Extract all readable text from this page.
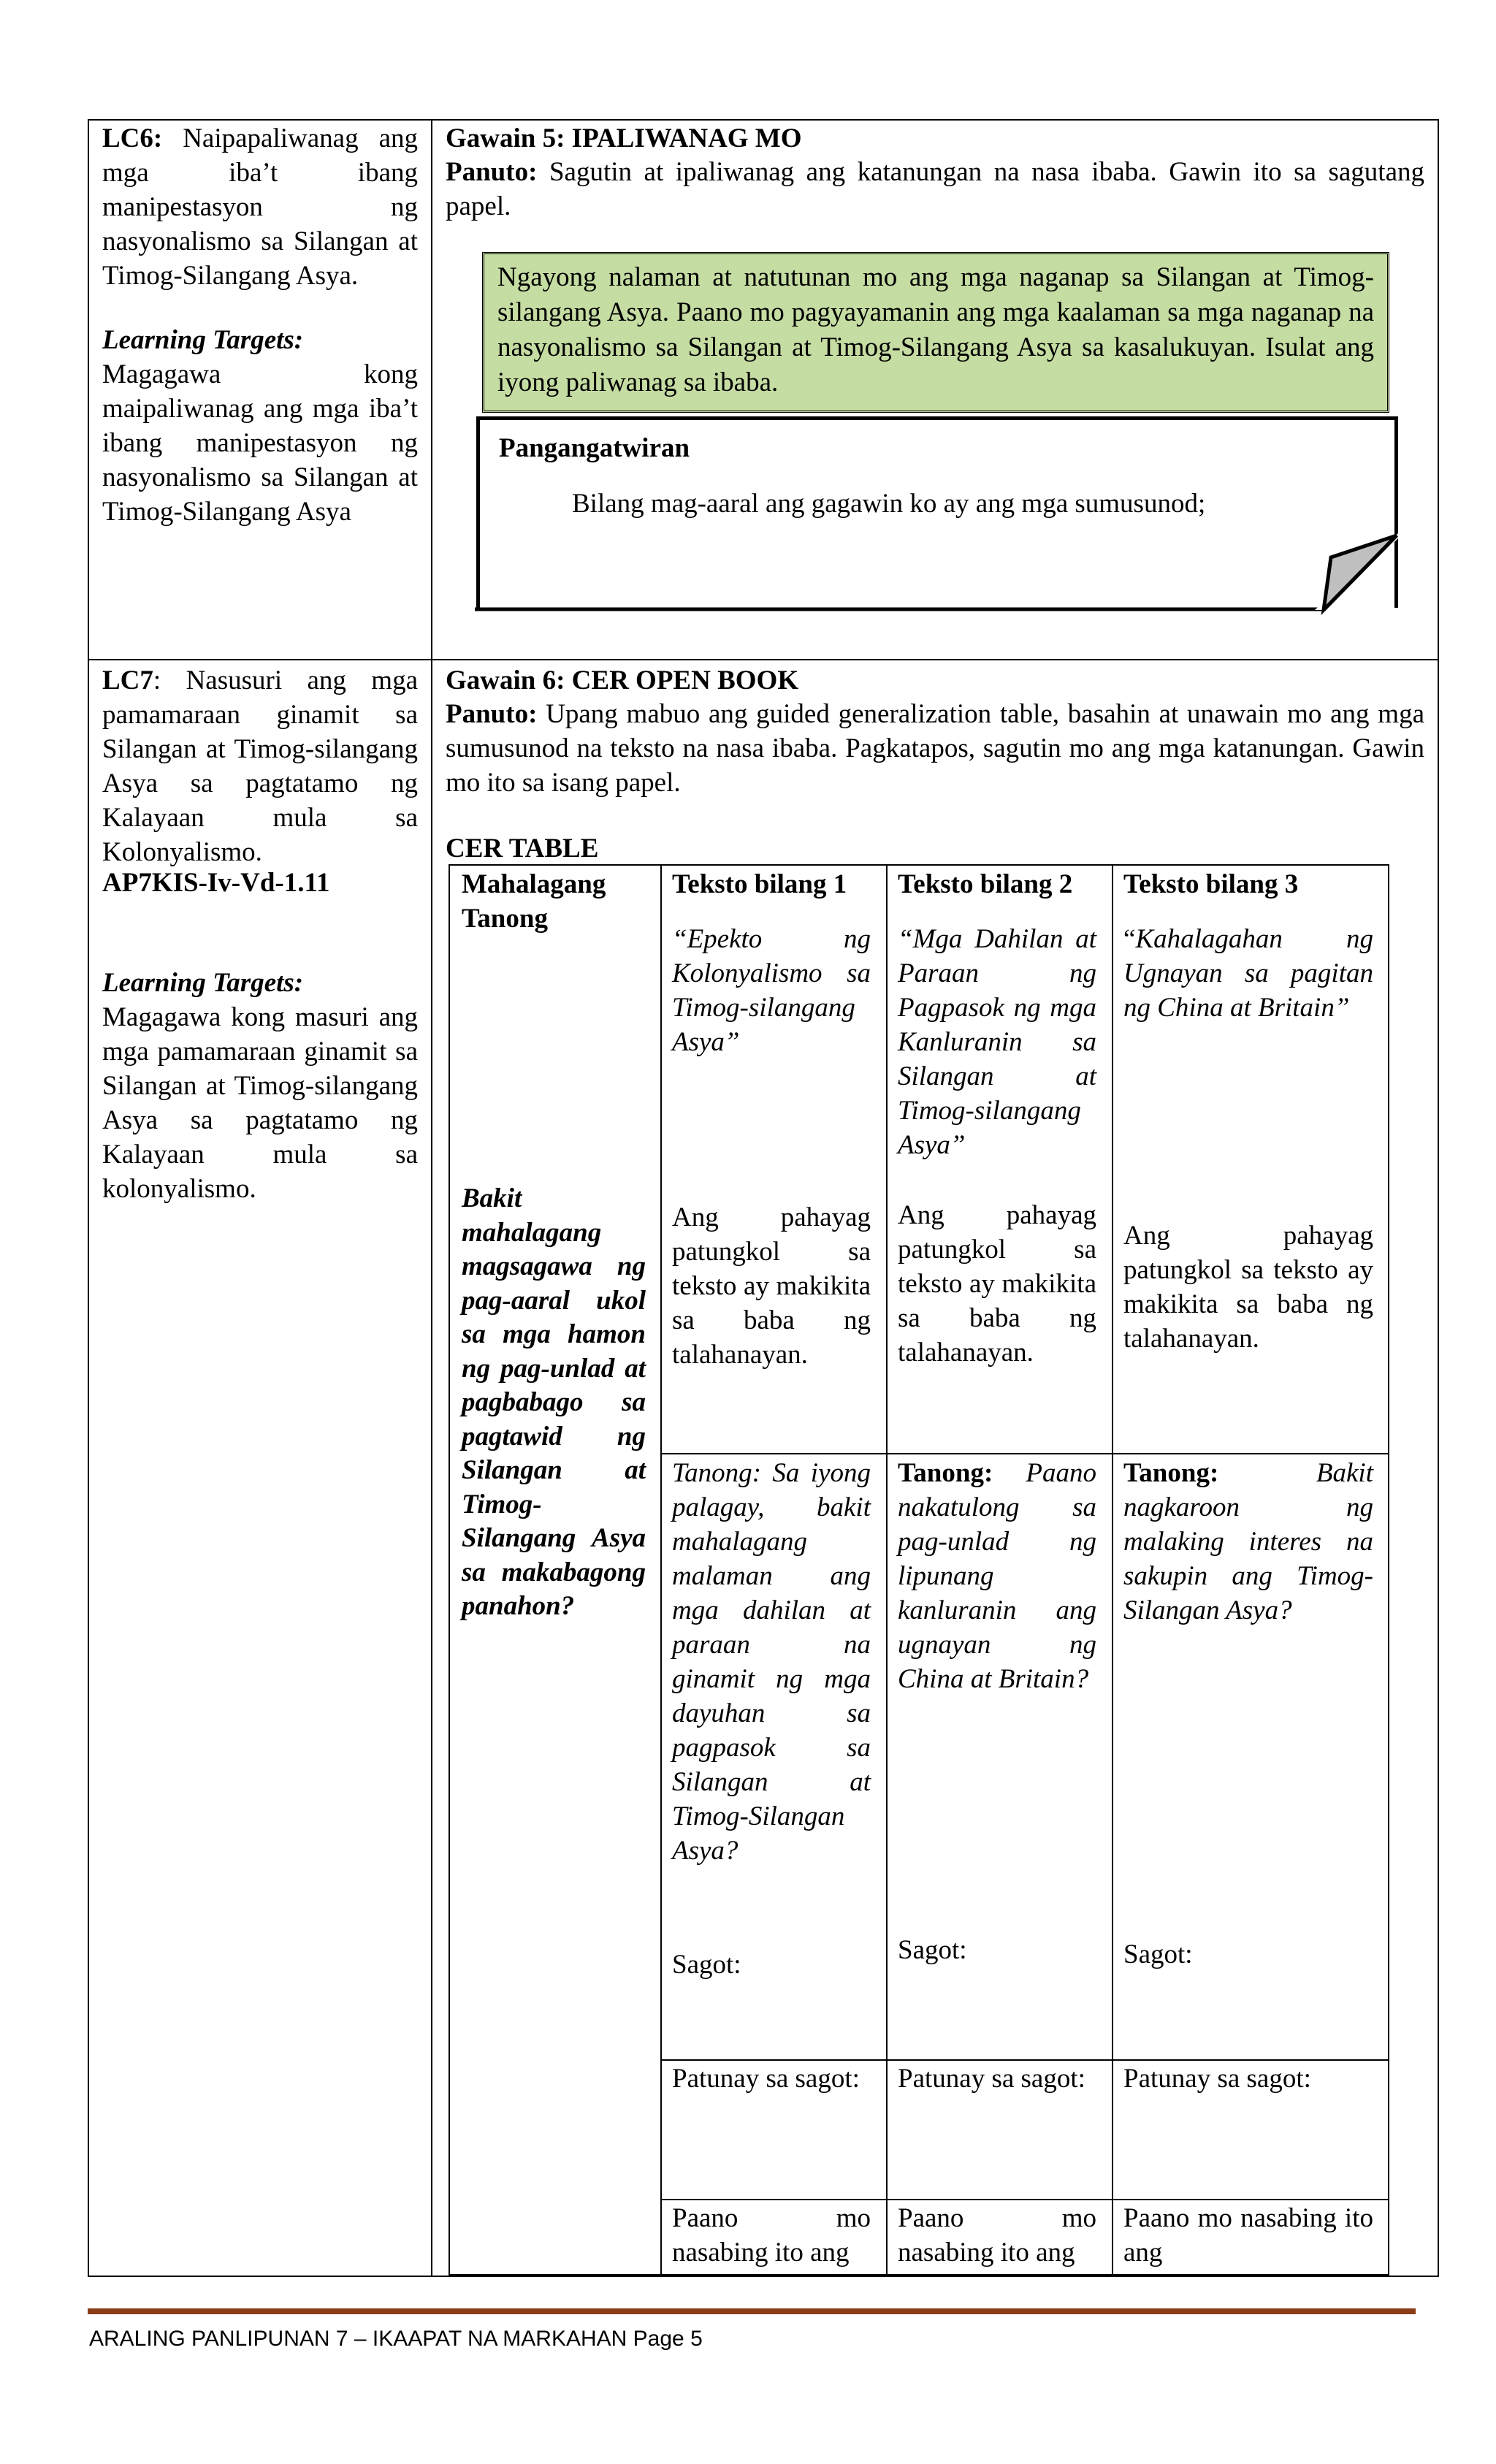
LC6: Naipapaliwanag ang mga iba’t ibang manipestasyon ng nasyonalismo sa Silangan at Timog-Silangang Asya.
Learning Targets:
Magagawa kong maipaliwanag ang mga iba’t ibang manipestasyon ng nasyonalismo sa Silangan at Timog-Silangang Asya
Gawain 5: IPALIWANAG MO
Panuto: Sagutin at ipaliwanag ang katanungan na nasa ibaba. Gawin ito sa sagutang papel.
Ngayong nalaman at natutunan mo ang mga naganap sa Silangan at Timog-silangang Asya. Paano mo pagyayamanin ang mga kaalaman sa mga naganap na nasyonalismo sa Silangan at Timog-Silangang Asya sa kasalukuyan. Isulat ang iyong paliwanag sa ibaba.
Pangangatwiran
Bilang mag-aaral ang gagawin ko ay ang mga sumusunod;
LC7: Nasusuri ang mga pamamaraan ginamit sa Silangan at Timog-silangang Asya sa pagtatamo ng Kalayaan mula sa Kolonyalismo.
AP7KIS-Iv-Vd-1.11
Learning Targets:
Magagawa kong masuri ang mga pamamaraan ginamit sa Silangan at Timog-silangang Asya sa pagtatamo ng Kalayaan mula sa kolonyalismo.
Gawain 6: CER OPEN BOOK
Panuto: Upang mabuo ang guided generalization table, basahin at unawain mo ang mga sumusunod na teksto na nasa ibaba. Pagkatapos, sagutin mo ang mga katanungan. Gawin mo ito sa isang papel.
CER TABLE
Mahalagang Tanong
Bakit mahalagang magsagawa ng pag-aaral ukol sa mga hamon ng pag-unlad at pagbabago sa pagtawid ng Silangan at Timog-Silangang Asya sa makabagong panahon?
Teksto bilang 1
“Epekto ng Kolonyalismo sa Timog-silangang Asya”
Ang pahayag patungkol sa teksto ay makikita sa baba ng talahanayan.
Tanong: Sa iyong palagay, bakit mahalagang malaman ang mga dahilan at paraan na ginamit ng mga dayuhan sa pagpasok sa Silangan at Timog-Silangan Asya?
Sagot:
Patunay sa sagot:
Paano mo nasabing ito ang
Teksto bilang 2
“Mga Dahilan at Paraan ng Pagpasok ng mga Kanluranin sa Silangan at Timog-silangang Asya”
Ang pahayag patungkol sa teksto ay makikita sa baba ng talahanayan.
Tanong: Paano nakatulong sa pag-unlad ng lipunang kanluranin ang ugnayan ng China at Britain?
Sagot:
Patunay sa sagot:
Paano mo nasabing ito ang
Teksto bilang 3
“Kahalagahan ng Ugnayan sa pagitan ng China at Britain”
Ang pahayag patungkol sa teksto ay makikita sa baba ng talahanayan.
Tanong:	Bakit nagkaroon ng malaking interes na sakupin ang Timog-Silangan Asya?
Sagot:
Patunay sa sagot:
Paano mo nasabing ito ang
ARALING PANLIPUNAN 7 – IKAAPAT NA MARKAHAN Page 5
